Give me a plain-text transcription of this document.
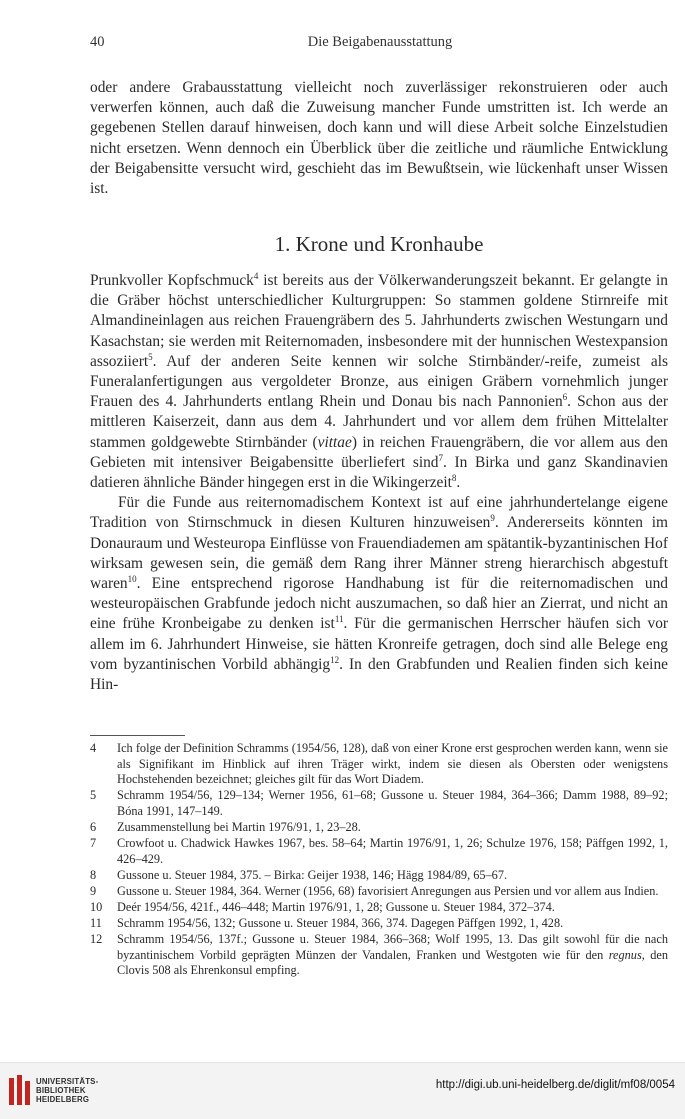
40	Die Beigabenausstattung

oder andere Grabausstattung vielleicht noch zuverlässiger rekonstruieren oder auch verwerfen können, auch daß die Zuweisung mancher Funde umstritten ist. Ich werde an gegebenen Stellen darauf hinweisen, doch kann und will diese Arbeit solche Einzelstudien nicht ersetzen. Wenn dennoch ein Überblick über die zeitliche und räumliche Entwicklung der Beigabensitte versucht wird, geschieht das im Bewußtsein, wie lückenhaft unser Wissen ist.

1. Krone und Kronhaube

Prunkvoller Kopfschmuck$^4$ ist bereits aus der Völkerwanderungszeit bekannt. Er gelangte in die Gräber höchst unterschiedlicher Kulturgruppen: So stammen goldene Stirnreife mit Almandineinlagen aus reichen Frauengräbern des 5. Jahrhunderts zwischen Westungarn und Kasachstan; sie werden mit Reiternomaden, insbesondere mit der hunnischen Westexpansion assoziiert$^5$. Auf der anderen Seite kennen wir solche Stirnbänder/-reife, zumeist als Funeralanfertigungen aus vergoldeter Bronze, aus einigen Gräbern vornehmlich junger Frauen des 4. Jahrhunderts entlang Rhein und Donau bis nach Pannonien$^6$. Schon aus der mittleren Kaiserzeit, dann aus dem 4. Jahrhundert und vor allem dem frühen Mittelalter stammen goldgewebte Stirnbänder (vittae) in reichen Frauengräbern, die vor allem aus den Gebieten mit intensiver Beigabensitte überliefert sind$^7$. In Birka und ganz Skandinavien datieren ähnliche Bänder hingegen erst in die Wikingerzeit$^8$.

Für die Funde aus reiternomadischem Kontext ist auf eine jahrhundertelange eigene Tradition von Stirnschmuck in diesen Kulturen hinzuweisen$^9$. Andererseits könnten im Donauraum und Westeuropa Einflüsse von Frauendiademen am spätantik-byzantinischen Hof wirksam gewesen sein, die gemäß dem Rang ihrer Männer streng hierarchisch abgestuft waren$^{10}$. Eine entsprechend rigorose Handhabung ist für die reiternomadischen und westeuropäischen Grabfunde jedoch nicht auszumachen, so daß hier an Zierrat, und nicht an eine frühe Kronbeigabe zu denken ist$^{11}$. Für die germanischen Herrscher häufen sich vor allem im 6. Jahrhundert Hinweise, sie hätten Kronreife getragen, doch sind alle Belege eng vom byzantinischen Vorbild abhängig$^{12}$. In den Grabfunden und Realien finden sich keine Hin-

4 Ich folge der Definition Schramms (1954/56, 128), daß von einer Krone erst gesprochen werden kann, wenn sie als Signifikant im Hinblick auf ihren Träger wirkt, indem sie diesen als Obersten oder wenigstens Hochstehenden bezeichnet; gleiches gilt für das Wort Diadem.

5 Schramm 1954/56, 129–134; Werner 1956, 61–68; Gussone u. Steuer 1984, 364–366; Damm 1988, 89–92; Bóna 1991, 147–149.

6 Zusammenstellung bei Martin 1976/91, 1, 23–28.

7 Crowfoot u. Chadwick Hawkes 1967, bes. 58–64; Martin 1976/91, 1, 26; Schulze 1976, 158; Päffgen 1992, 1, 426–429.

8 Gussone u. Steuer 1984, 375. – Birka: Geijer 1938, 146; Hägg 1984/89, 65–67.

9 Gussone u. Steuer 1984, 364. Werner (1956, 68) favorisiert Anregungen aus Persien und vor allem aus Indien.

10 Deér 1954/56, 421f., 446–448; Martin 1976/91, 1, 28; Gussone u. Steuer 1984, 372–374.

11 Schramm 1954/56, 132; Gussone u. Steuer 1984, 366, 374. Dagegen Päffgen 1992, 1, 428.

12 Schramm 1954/56, 137f.; Gussone u. Steuer 1984, 366–368; Wolf 1995, 13. Das gilt sowohl für die nach byzantinischem Vorbild geprägten Münzen der Vandalen, Franken und Westgoten wie für den regnus, den Clovis 508 als Ehrenkonsul empfing.

UNIVERSITÄTS-
BIBLIOTHEK
HEIDELBERG
http://digi.ub.uni-heidelberg.de/diglit/mf08/0054
